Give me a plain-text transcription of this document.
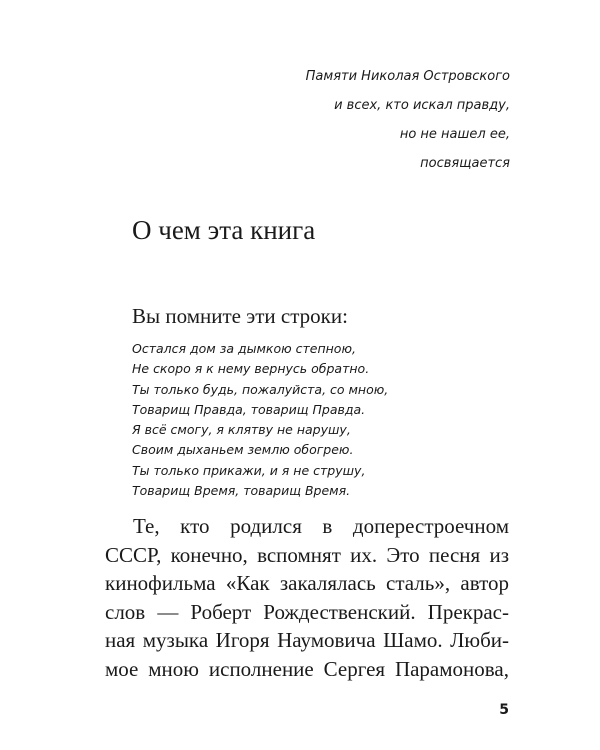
Памяти Николая Островского
и всех, кто искал правду,
но не нашел ее,
посвящается
О чем эта книга

Вы помните эти строки:

Остался дом за дымкою степною,
Не скоро я к нему вернусь обратно.
Ты только будь, пожалуйста, со мною,
Товарищ Правда, товарищ Правда.
Я всё смогу, я клятву не нарушу,
Своим дыханьем землю обогрею.
Ты только прикажи, и я не струшу,
Товарищ Время, товарищ Время.
Те, кто родился в доперестроечном
СССР, конечно, вспомнят их. Это песня из
кинофильма «Как закалялась сталь», автор
слов — Роберт Рождественский. Прекрас-
ная музыка Игоря Наумовича Шамо. Люби-
мое мною исполнение Сергея Парамонова,
5
